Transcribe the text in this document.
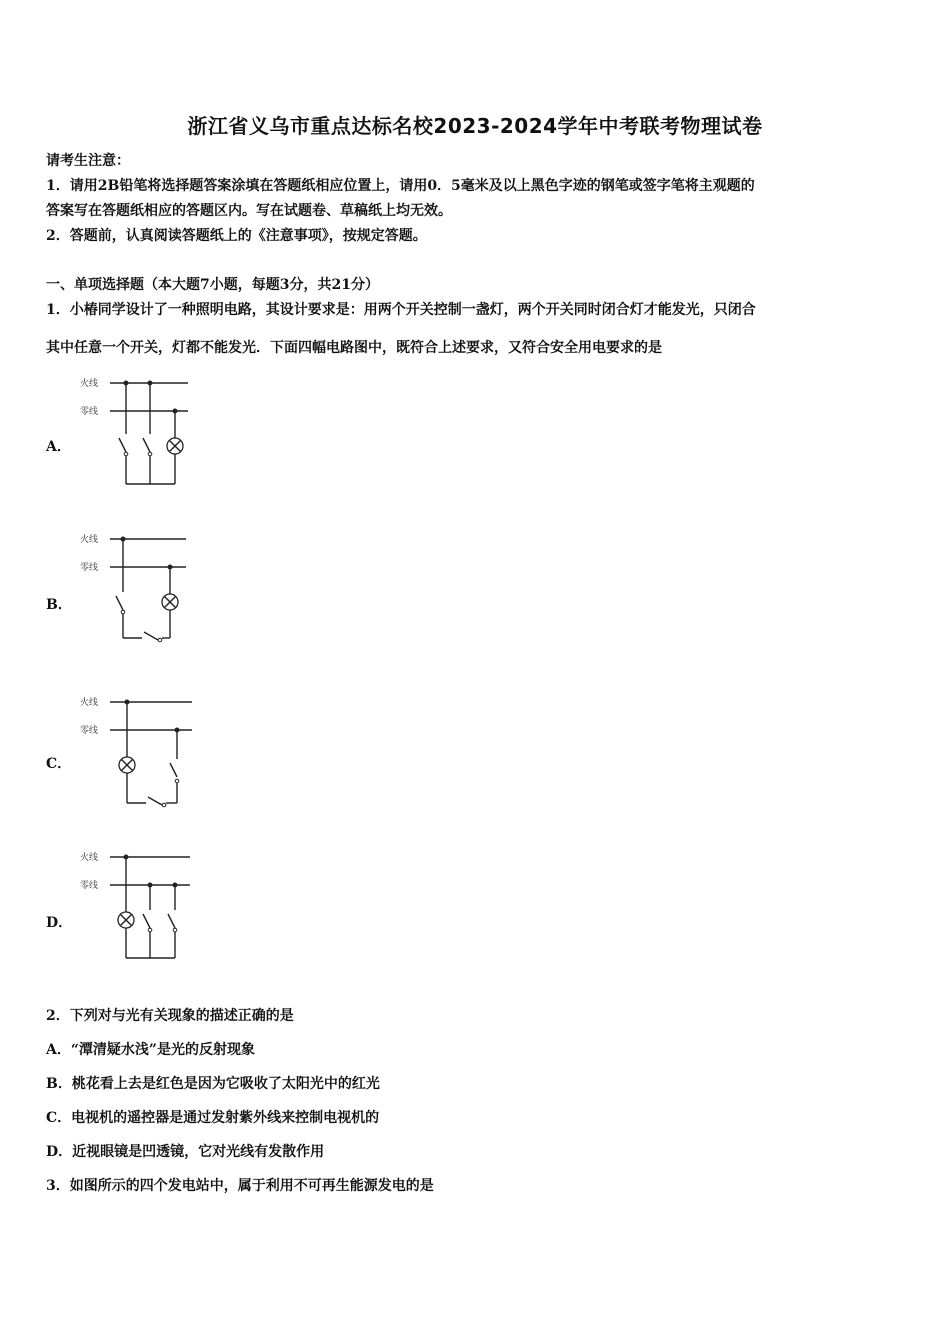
浙江省义乌市重点达标名校2023-2024学年中考联考物理试卷
请考生注意：
1．请用2B铅笔将选择题答案涂填在答题纸相应位置上，请用0．5毫米及以上黑色字迹的钢笔或签字笔将主观题的
答案写在答题纸相应的答题区内。写在试题卷、草稿纸上均无效。
2．答题前，认真阅读答题纸上的《注意事项》，按规定答题。
一、单项选择题（本大题7小题，每题3分，共21分）
1．小椿同学设计了一种照明电路，其设计要求是：用两个开关控制一盏灯，两个开关同时闭合灯才能发光，只闭合
其中任意一个开关，灯都不能发光．下面四幅电路图中，既符合上述要求，又符合安全用电要求的是
A．
火线
零线
B．
火线
零线
C．
火线
零线
D．
火线
零线
2．下列对与光有关现象的描述正确的是
A．“潭清疑水浅”是光的反射现象
B．桃花看上去是红色是因为它吸收了太阳光中的红光
C．电视机的遥控器是通过发射紫外线来控制电视机的
D．近视眼镜是凹透镜，它对光线有发散作用
3．如图所示的四个发电站中，属于利用不可再生能源发电的是
